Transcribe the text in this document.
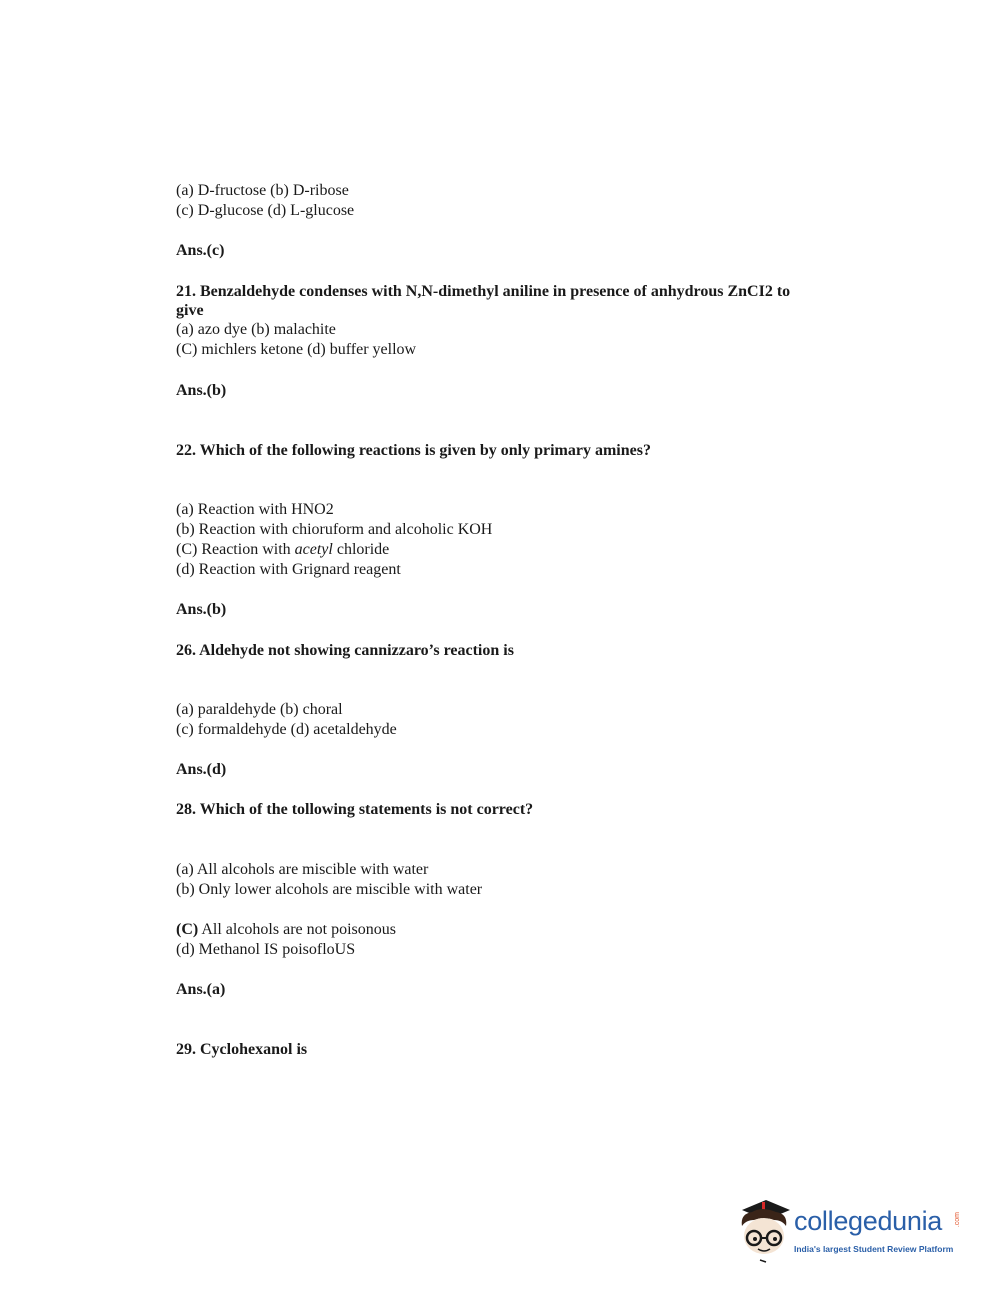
(a) D-fructose (b) D-ribose
(c) D-glucose (d) L-glucose
Ans.(c)
21. Benzaldehyde condenses with N,N-dimethyl aniline in presence of anhydrous ZnCI2 to
give
(a) azo dye (b) malachite
(C) michlers ketone (d) buffer yellow
Ans.(b)
22. Which of the following reactions is given by only primary amines?
(a) Reaction with HNO2
(b) Reaction with chioruform and alcoholic KOH
(C) Reaction with acetyl chloride
(d) Reaction with Grignard reagent
Ans.(b)
26. Aldehyde not showing cannizzaro’s reaction is
(a) paraldehyde (b) choral
(c) formaldehyde (d) acetaldehyde
Ans.(d)
28. Which of the tollowing statements is not correct?
(a) All alcohols are miscible with water
(b) Only lower alcohols are miscible with water
(C) All alcohols are not poisonous
(d) Methanol IS poisofloUS
Ans.(a)
29. Cyclohexanol is
collegedunia .com
India's largest Student Review Platform
